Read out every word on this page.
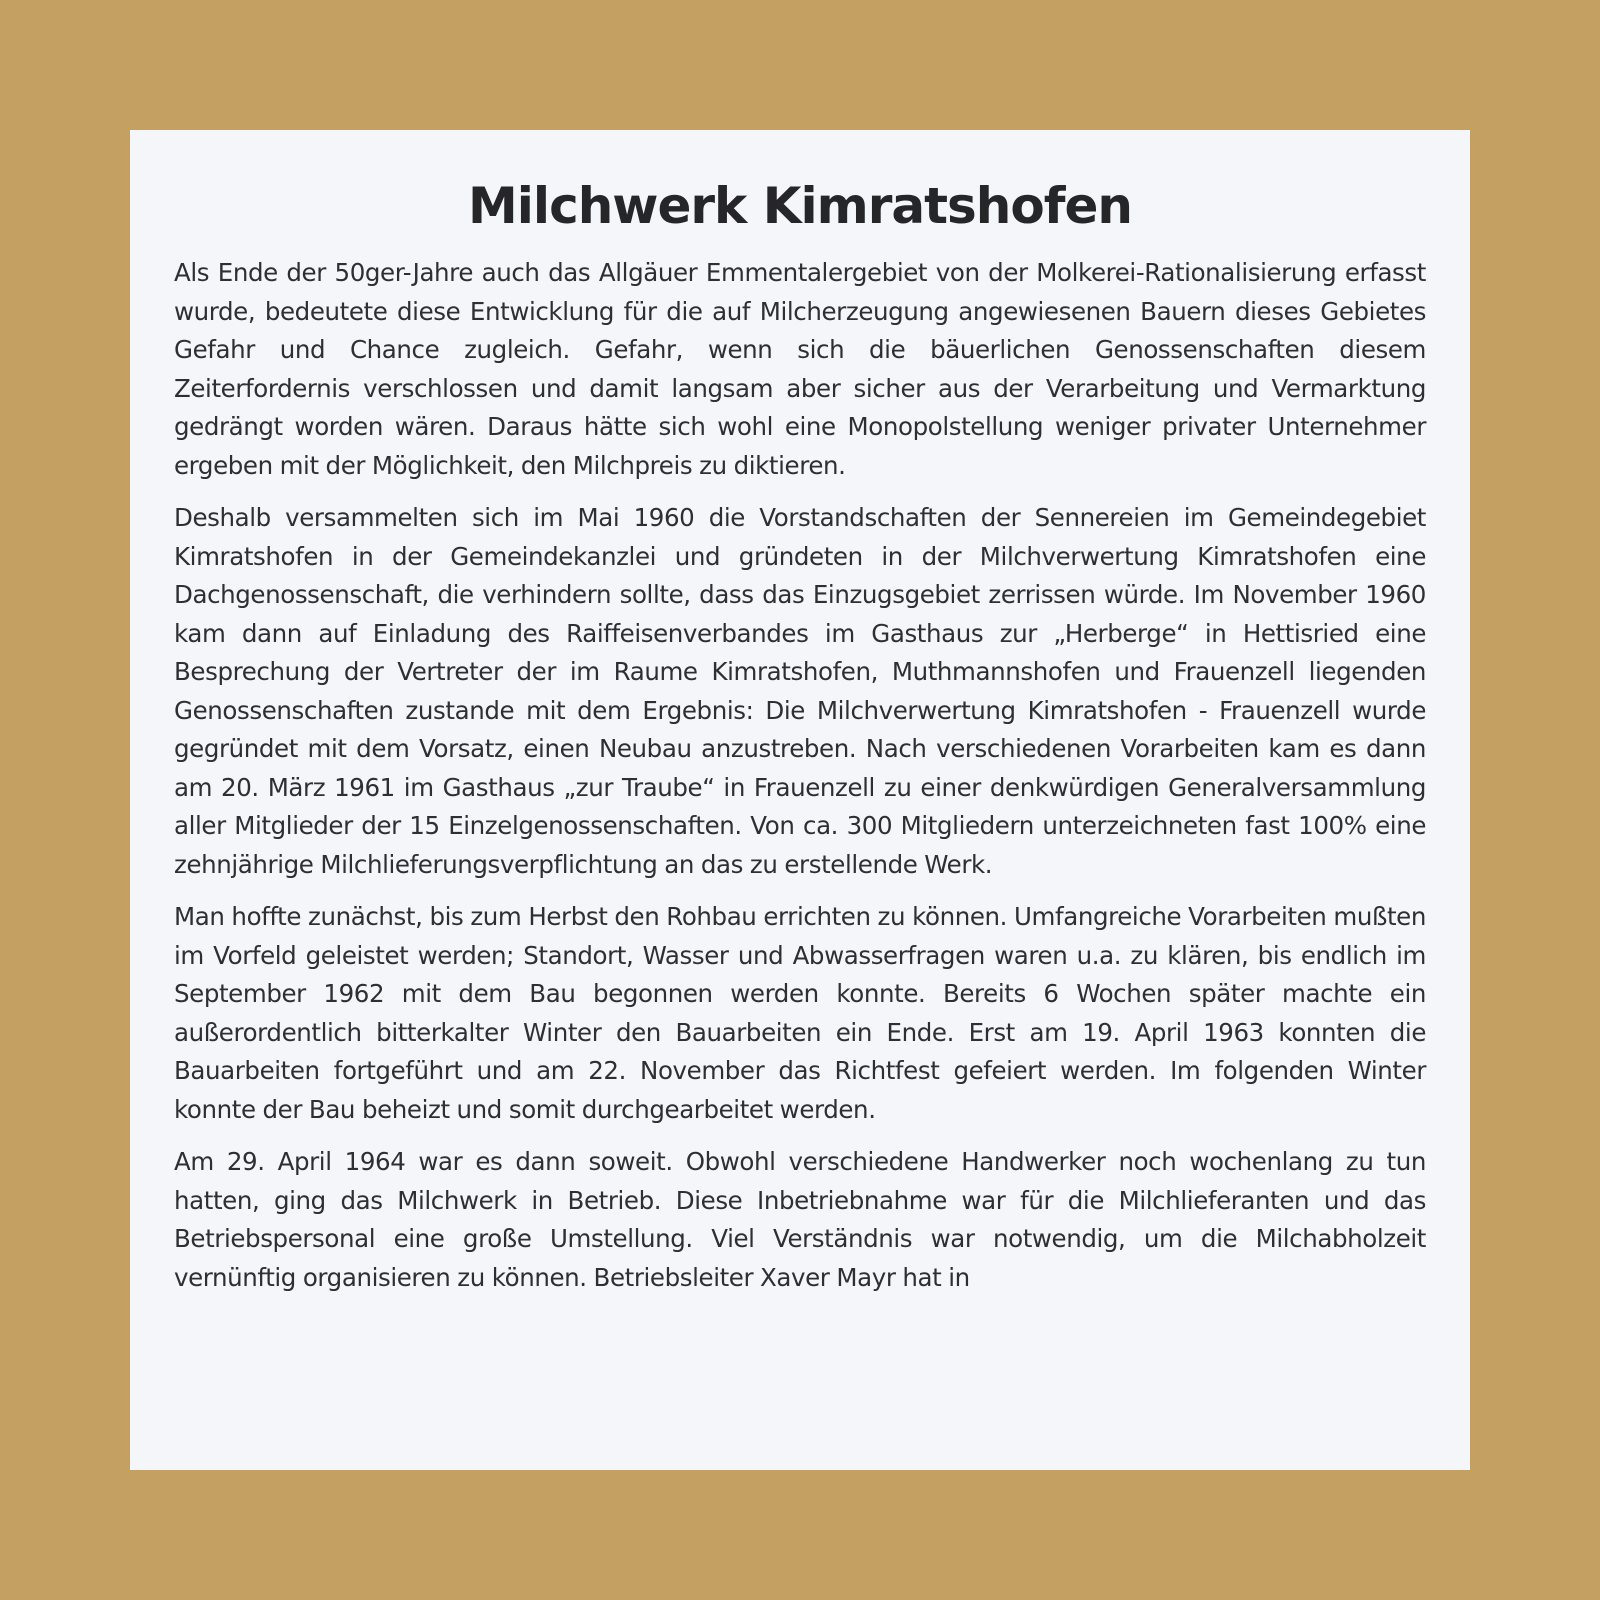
Milchwerk Kimratshofen

Als Ende der 50ger-Jahre auch das Allgäuer Emmentalergebiet von der Molkerei-Rationalisierung erfasst wurde, bedeutete diese Entwicklung für die auf Milcherzeugung angewiesenen Bauern dieses Gebietes Gefahr und Chance zugleich. Gefahr, wenn sich die bäuerlichen Genossenschaften diesem Zeiterfordernis verschlossen und damit langsam aber sicher aus der Verarbeitung und Vermarktung gedrängt worden wären. Daraus hätte sich wohl eine Monopolstellung weniger privater Unternehmer ergeben mit der Möglichkeit, den Milchpreis zu diktieren.

Deshalb versammelten sich im Mai 1960 die Vorstandschaften der Sennereien im Gemeindegebiet Kimratshofen in der Gemeindekanzlei und gründeten in der Milchverwertung Kimratshofen eine Dachgenossenschaft, die verhindern sollte, dass das Einzugsgebiet zerrissen würde. Im November 1960 kam dann auf Einladung des Raiffeisenverbandes im Gasthaus zur „Herberge“ in Hettisried eine Besprechung der Vertreter der im Raume Kimratshofen, Muthmannshofen und Frauenzell liegenden Genossenschaften zustande mit dem Ergebnis: Die Milchverwertung Kimratshofen - Frauenzell wurde gegründet mit dem Vorsatz, einen Neubau anzustreben. Nach verschiedenen Vorarbeiten kam es dann am 20. März 1961 im Gasthaus „zur Traube“ in Frauenzell zu einer denkwürdigen Generalversammlung aller Mitglieder der 15 Einzelgenossenschaften. Von ca. 300 Mitgliedern unterzeichneten fast 100% eine zehnjährige Milchlieferungsverpflichtung an das zu erstellende Werk.

Man hoffte zunächst, bis zum Herbst den Rohbau errichten zu können. Umfangreiche Vorarbeiten mußten im Vorfeld geleistet werden; Standort, Wasser und Abwasserfragen waren u.a. zu klären, bis endlich im September 1962 mit dem Bau begonnen werden konnte. Bereits 6 Wochen später machte ein außerordentlich bitterkalter Winter den Bauarbeiten ein Ende. Erst am 19. April 1963 konnten die Bauarbeiten fortgeführt und am 22. November das Richtfest gefeiert werden. Im folgenden Winter konnte der Bau beheizt und somit durchgearbeitet werden.

Am 29. April 1964 war es dann soweit. Obwohl verschiedene Handwerker noch wochenlang zu tun hatten, ging das Milchwerk in Betrieb. Diese Inbetriebnahme war für die Milchlieferanten und das Betriebspersonal eine große Umstellung. Viel Verständnis war notwendig, um die Milchabholzeit vernünftig organisieren zu können. Betriebsleiter Xaver Mayr hat in
